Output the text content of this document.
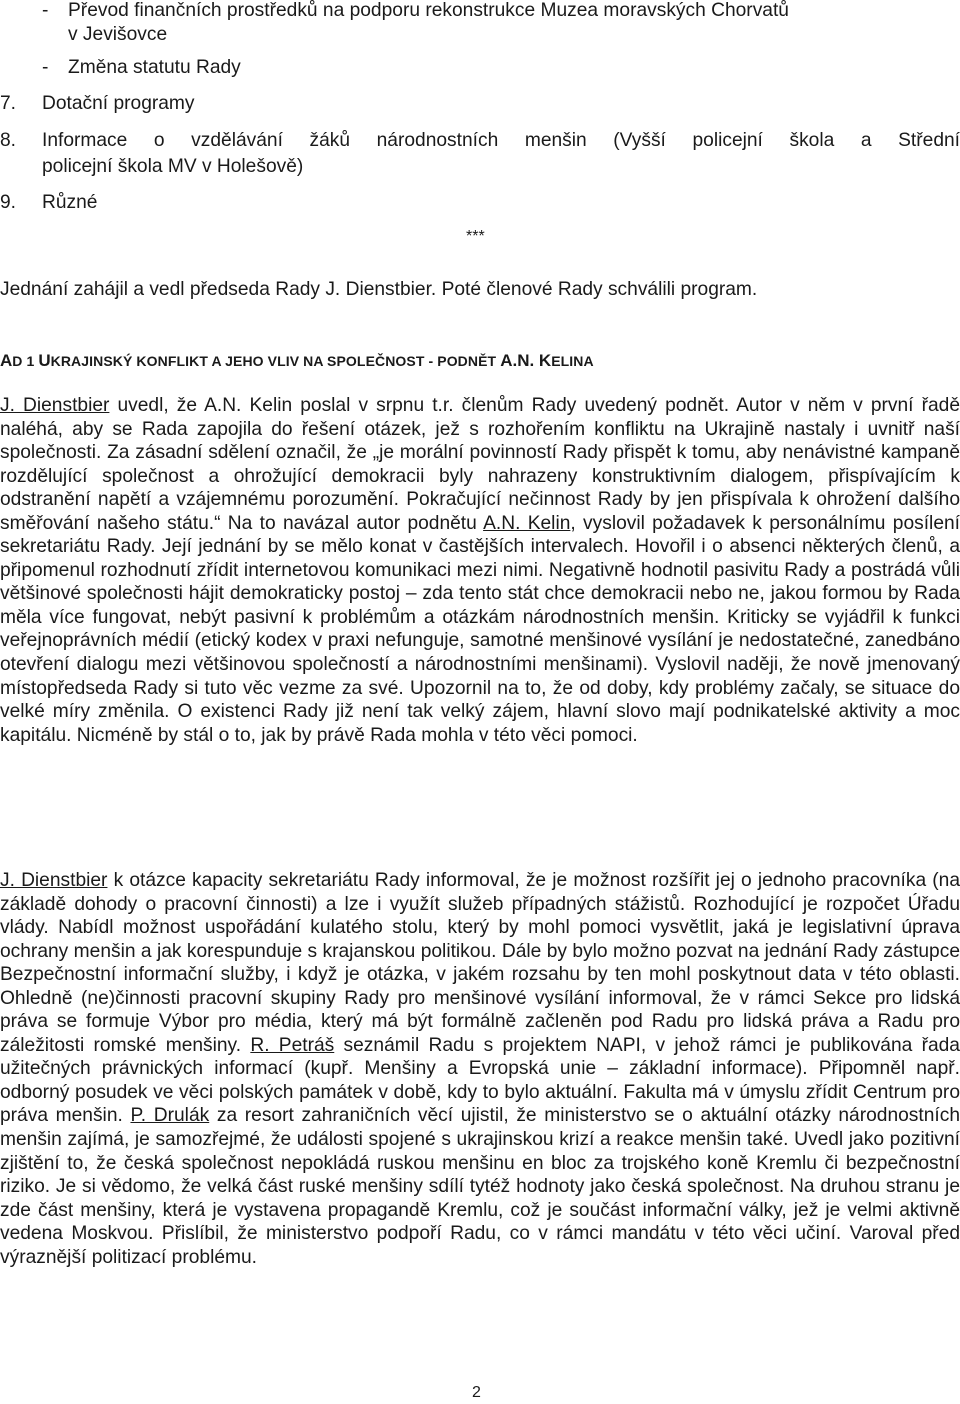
- Převod finančních prostředků na podporu rekonstrukce Muzea moravských Chorvatů
v Jevišovce
- Změna statutu Rady
7. Dotační programy
8. Informace o vzdělávání žáků národnostních menšin (Vyšší policejní škola a Střední
policejní škola MV v Holešově)
9. Různé
***
Jednání zahájil a vedl předseda Rady J. Dienstbier. Poté členové Rady schválili program.
AD 1 UKRAJINSKÝ KONFLIKT A JEHO VLIV NA SPOLEČNOST - PODNĚT A.N. KELINA

J. Dienstbier uvedl, že A.N. Kelin poslal v srpnu t.r. členům Rady uvedený podnět. Autor v něm v první řadě naléhá, aby se Rada zapojila do řešení otázek, jež s rozhořením konfliktu na Ukrajině nastaly i uvnitř naší společnosti. Za zásadní sdělení označil, že „je morální povinností Rady přispět k tomu, aby nenávistné kampaně rozdělující společnost a ohrožující demokracii byly nahrazeny konstruktivním dialogem, přispívajícím k odstranění napětí a vzájemnému porozumění. Pokračující nečinnost Rady by jen přispívala k ohrožení dalšího směřování našeho státu.“ Na to navázal autor podnětu A.N. Kelin, vyslovil požadavek k personálnímu posílení sekretariátu Rady. Její jednání by se mělo konat v častějších intervalech. Hovořil i o absenci některých členů, a připomenul rozhodnutí zřídit internetovou komunikaci mezi nimi. Negativně hodnotil pasivitu Rady a postrádá vůli většinové společnosti hájit demokraticky postoj – zda tento stát chce demokracii nebo ne, jakou formou by Rada měla více fungovat, nebýt pasivní k problémům a otázkám národnostních menšin. Kriticky se vyjádřil k funkci veřejnoprávních médií (etický kodex v praxi nefunguje, samotné menšinové vysílání je nedostatečné, zanedbáno otevření dialogu mezi většinovou společností a národnostními menšinami). Vyslovil naději, že nově jmenovaný místopředseda Rady si tuto věc vezme za své. Upozornil na to, že od doby, kdy problémy začaly, se situace do velké míry změnila. O existenci Rady již není tak velký zájem, hlavní slovo mají podnikatelské aktivity a moc kapitálu. Nicméně by stál o to, jak by právě Rada mohla v této věci pomoci.

J. Dienstbier k otázce kapacity sekretariátu Rady informoval, že je možnost rozšířit jej o jednoho pracovníka (na základě dohody o pracovní činnosti) a lze i využít služeb případných stážistů. Rozhodující je rozpočet Úřadu vlády. Nabídl možnost uspořádání kulatého stolu, který by mohl pomoci vysvětlit, jaká je legislativní úprava ochrany menšin a jak korespunduje s krajanskou politikou. Dále by bylo možno pozvat na jednání Rady zástupce Bezpečnostní informační služby, i když je otázka, v jakém rozsahu by ten mohl poskytnout data v této oblasti. Ohledně (ne)činnosti pracovní skupiny Rady pro menšinové vysílání informoval, že v rámci Sekce pro lidská práva se formuje Výbor pro média, který má být formálně začleněn pod Radu pro lidská práva a Radu pro záležitosti romské menšiny. R. Petráš seznámil Radu s projektem NAPI, v jehož rámci je publikována řada užitečných právnických informací (kupř. Menšiny a Evropská unie – základní informace). Připomněl např. odborný posudek ve věci polských památek v době, kdy to bylo aktuální. Fakulta má v úmyslu zřídit Centrum pro práva menšin. P. Drulák za resort zahraničních věcí ujistil, že ministerstvo se o aktuální otázky národnostních menšin zajímá, je samozřejmé, že události spojené s ukrajinskou krizí a reakce menšin také. Uvedl jako pozitivní zjištění to, že česká společnost nepokládá ruskou menšinu en bloc za trojského koně Kremlu či bezpečnostní riziko. Je si vědomo, že velká část ruské menšiny sdílí tytéž hodnoty jako česká společnost. Na druhou stranu je zde část menšiny, která je vystavena propagandě Kremlu, což je součást informační války, jež je velmi aktivně vedena Moskvou. Přislíbil, že ministerstvo podpoří Radu, co v rámci mandátu v této věci učiní. Varoval před výraznější politizací problému.

2
